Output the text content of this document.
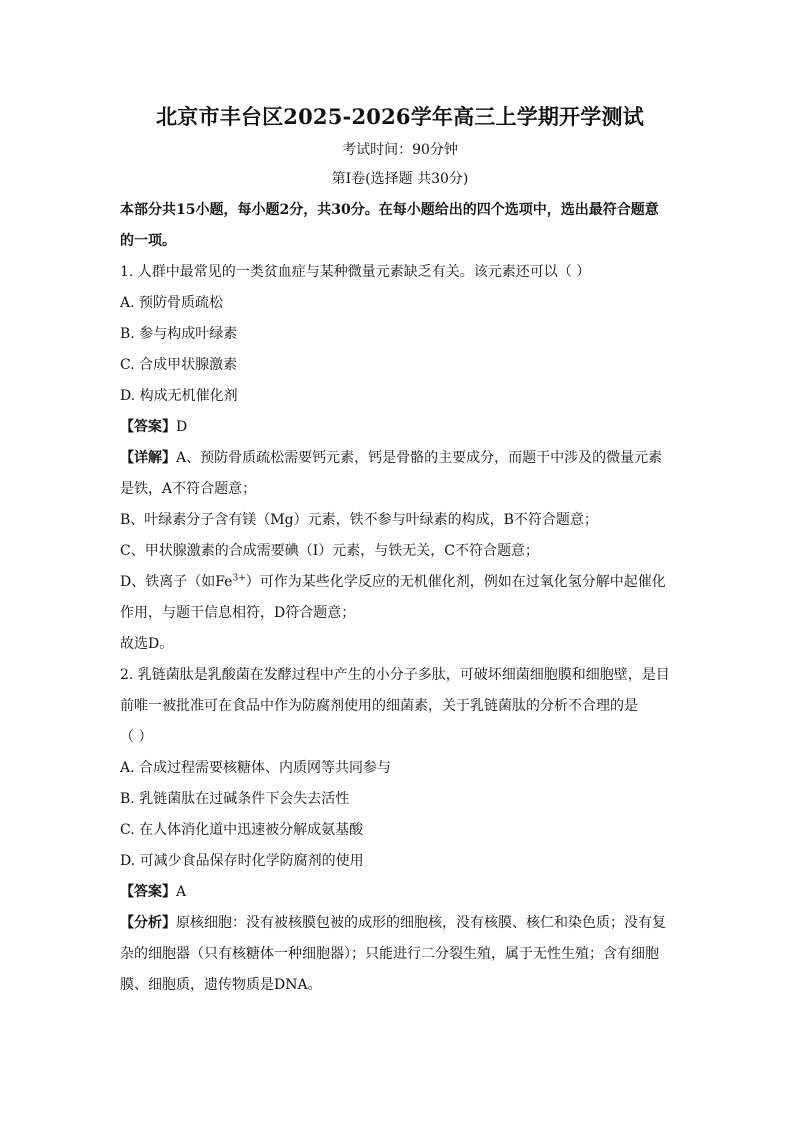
北京市丰台区2025-2026学年高三上学期开学测试
考试时间：90分钟
第I卷(选择题 共30分)

本部分共15小题，每小题2分，共30分。在每小题给出的四个选项中，选出最符合题意

的一项。

1. 人群中最常见的一类贫血症与某种微量元素缺乏有关。该元素还可以（ ）

A. 预防骨质疏松

B. 参与构成叶绿素

C. 合成甲状腺激素

D. 构成无机催化剂

【答案】D

【详解】A、预防骨质疏松需要钙元素，钙是骨骼的主要成分，而题干中涉及的微量元素

是铁，A不符合题意；

B、叶绿素分子含有镁（Mg）元素，铁不参与叶绿素的构成，B不符合题意；

C、甲状腺激素的合成需要碘（I）元素，与铁无关，C不符合题意；

D、铁离子（如$Fe^{3+}$）可作为某些化学反应的无机催化剂，例如在过氧化氢分解中起催化

作用，与题干信息相符，D符合题意；

故选D。

2. 乳链菌肽是乳酸菌在发酵过程中产生的小分子多肽，可破坏细菌细胞膜和细胞壁，是目

前唯一被批准可在食品中作为防腐剂使用的细菌素，关于乳链菌肽的分析不合理的是

（ ）

A. 合成过程需要核糖体、内质网等共同参与

B. 乳链菌肽在过碱条件下会失去活性

C. 在人体消化道中迅速被分解成氨基酸

D. 可减少食品保存时化学防腐剂的使用

【答案】A

【分析】原核细胞：没有被核膜包被的成形的细胞核，没有核膜、核仁和染色质；没有复

杂的细胞器（只有核糖体一种细胞器）；只能进行二分裂生殖，属于无性生殖；含有细胞

膜、细胞质，遗传物质是DNA。
